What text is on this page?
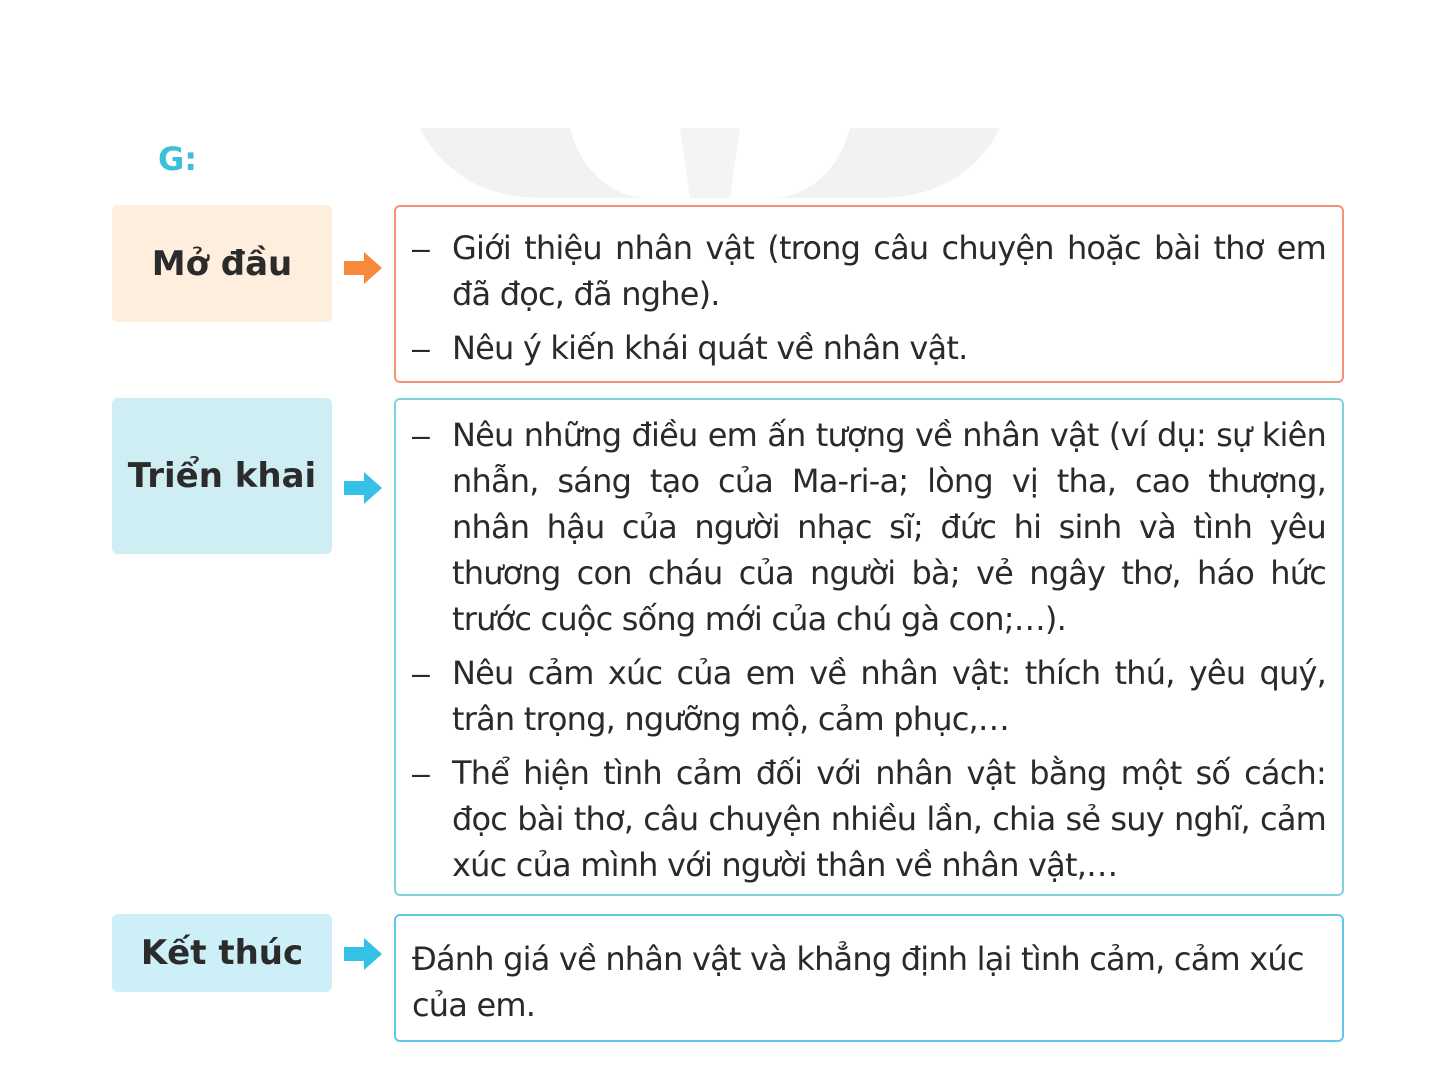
G:
Mở đầu	– Giới thiệu nhân vật (trong câu chuyện hoặc bài thơ em đã đọc, đã nghe).
– Nêu ý kiến khái quát về nhân vật.
Triển khai
– Nêu những điều em ấn tượng về nhân vật (ví dụ: sự kiên nhẫn, sáng tạo của Ma-ri-a; lòng vị tha, cao thượng, nhân hậu của người nhạc sĩ; đức hi sinh và tình yêu thương con cháu của người bà; vẻ ngây thơ, háo hức trước cuộc sống mới của chú gà con;…).
– Nêu cảm xúc của em về nhân vật: thích thú, yêu quý, trân trọng, ngưỡng mộ, cảm phục,…
– Thể hiện tình cảm đối với nhân vật bằng một số cách: đọc bài thơ, câu chuyện nhiều lần, chia sẻ suy nghĩ, cảm xúc của mình với người thân về nhân vật,…
Kết thúc	Đánh giá về nhân vật và khẳng định lại tình cảm, cảm xúc của em.
